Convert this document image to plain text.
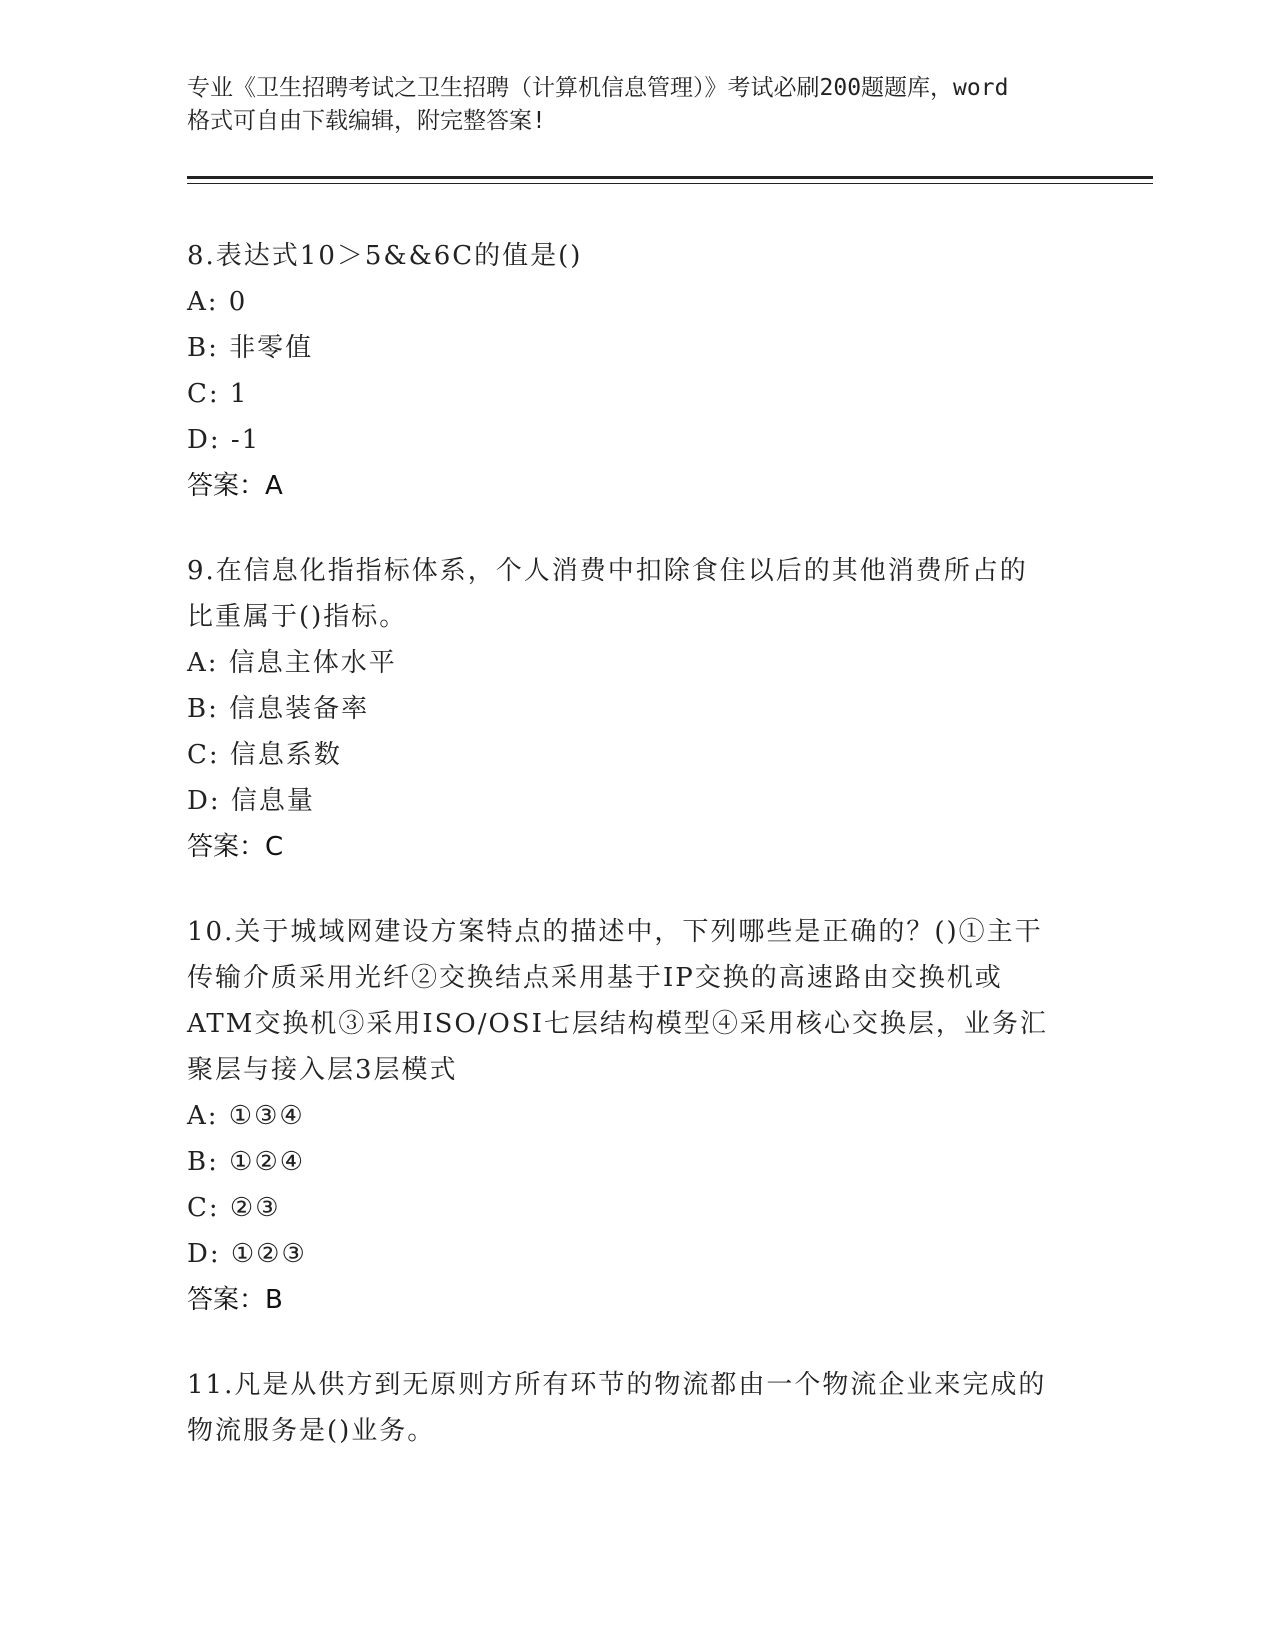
专业《卫生招聘考试之卫生招聘（计算机信息管理）》考试必刷200题题库，word
格式可自由下载编辑，附完整答案!
8.表达式10＞5&&6C的值是()
A: 0
B: 非零值
C: 1
D: -1
答案：A
9.在信息化指指标体系，个人消费中扣除食住以后的其他消费所占的
比重属于()指标。
A: 信息主体水平
B: 信息装备率
C: 信息系数
D: 信息量
答案：C
10.关于城域网建设方案特点的描述中，下列哪些是正确的？()①主干
传输介质采用光纤②交换结点采用基于IP交换的高速路由交换机或
ATM交换机③采用ISO/OSI七层结构模型④采用核心交换层，业务汇
聚层与接入层3层模式
A: ①③④
B: ①②④
C: ②③
D: ①②③
答案：B
11.凡是从供方到无原则方所有环节的物流都由一个物流企业来完成的
物流服务是()业务。
